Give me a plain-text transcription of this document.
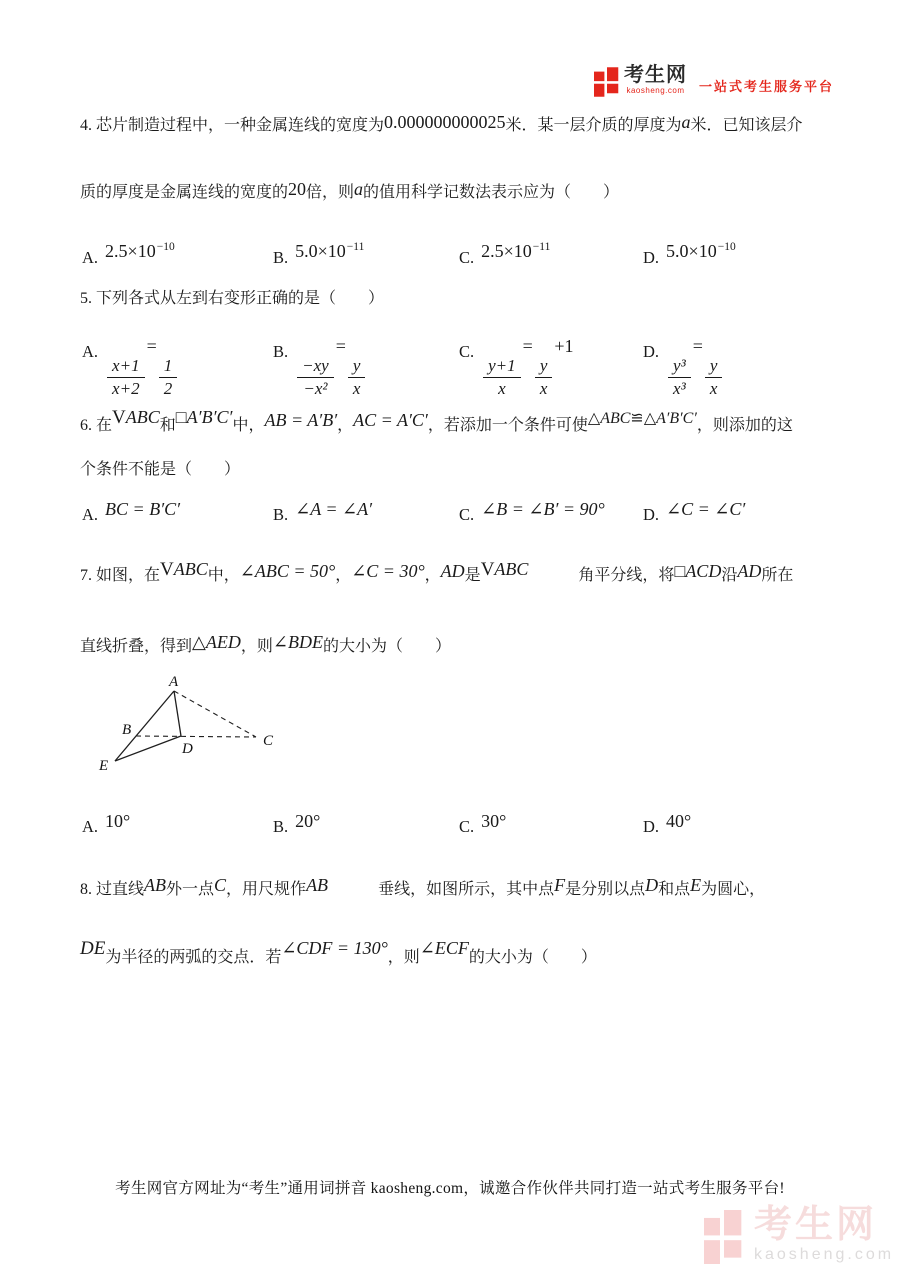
考生网
kaosheng.com 一站式考生服务平台
4. 芯片制造过程中，一种金属连线的宽度为0.000000000025米．某一层介质的厚度为a米．已知该层介
质的厚度是金属连线的宽度的20倍，则a的值用科学记数法表示应为（  ）
A. $2.5\times 10^{-10}$
B. $5.0\times 10^{-11}$
C. $2.5\times 10^{-11}$
D. $5.0\times 10^{-10}$
5. 下列各式从左到右变形正确的是（  ）
A.
$\frac{x+1}{x+2}$
=
$\frac{1}{2}$
B.
$\frac{-xy}{\text{−x²}}$
=
$\frac{y}{x}$
C.
$\frac{y+1}{x}$
=
$\frac{y}{x}$
+1	D.
$\frac{\text{y³}}{\text{x³}}$
=
$\frac{y}{x}$
6. 在VABC和□A′B′C′中，AB = A′B′，AC = A′C′，若添加一个条件可使△ABC≌△A′B′C′，则添加的这
个条件不能是（  ）
A. BC = B′C′	B. ∠A = ∠A′	C. ∠B = ∠B′ = 90°	D. ∠C = ∠C′
7. 如图，在VABC中，∠ABC = 50°，∠C = 30°，AD是VABC	角平分线，将□ACD沿AD所在
直线折叠，得到△AED，则∠BDE的大小为（  ）
A
B
C
D
E
A. 10°	B. 20°	C. 30°	D. 40°
8. 过直线AB外一点C，用尺规作AB	垂线，如图所示，其中点F是分别以点D和点E为圆心，
DE为半径的两弧的交点．若∠CDF = 130°，则∠ECF的大小为（  ）
考生网官方网址为“考生”通用词拼音 kaosheng.com，诚邀合作伙伴共同打造一站式考生服务平台!
考生网
kaosheng.com
